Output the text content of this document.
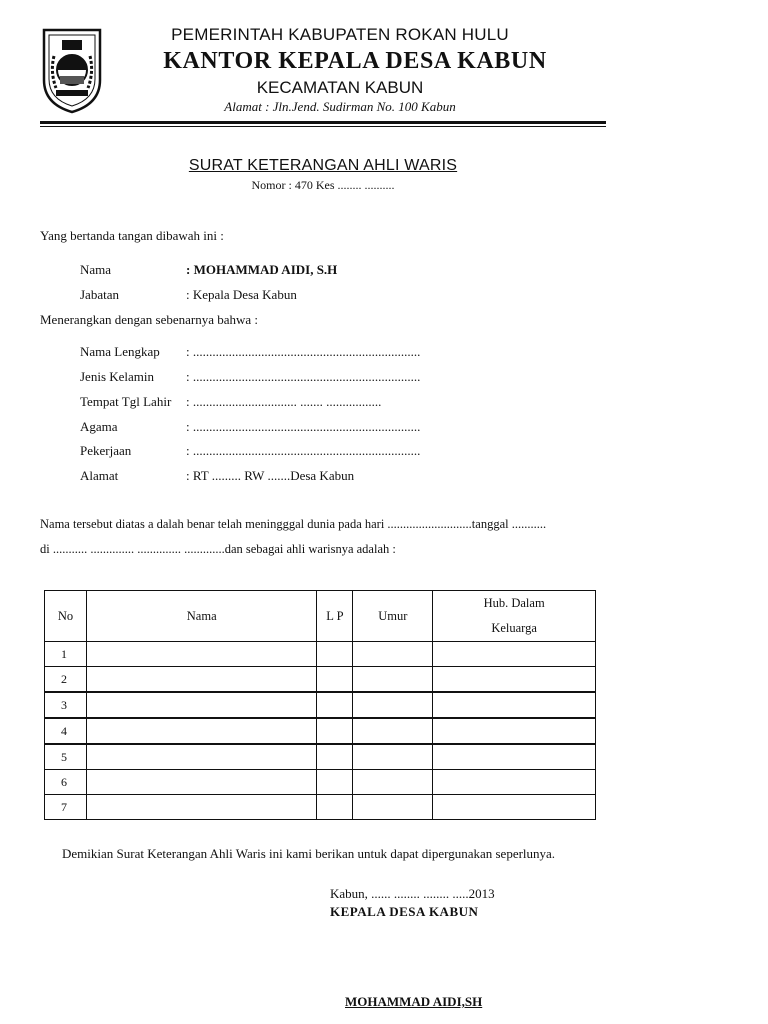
PEMERINTAH KABUPATEN ROKAN HULU
KANTOR KEPALA DESA KABUN
KECAMATAN KABUN
Alamat : Jln.Jend. Sudirman No. 100 Kabun
SURAT KETERANGAN AHLI WARIS
Nomor : 470 Kes ........ ..........
Yang bertanda tangan dibawah ini :
Nama	: MOHAMMAD AIDI, S.H
Jabatan	: Kepala Desa Kabun
Menerangkan dengan sebenarnya bahwa :
Nama Lengkap : ......................................................................
Jenis Kelamin : ......................................................................
Tempat Tgl Lahir : ................................ ....... .................
Agama	: ......................................................................
Pekerjaan	: ......................................................................
Alamat	: RT ......... RW .......Desa Kabun
Nama tersebut diatas a dalah benar telah meningggal dunia pada hari ...........................tanggal ...........
di ........... .............. .............. .............dan sebagai ahli warisnya adalah :
No	Nama	L P	Umur	Hub. Dalam
Keluarga

1				
2				
3				
4				
5				
6				
7				
Demikian Surat Keterangan Ahli Waris ini kami berikan untuk dapat dipergunakan seperlunya.
Kabun, ...... ........ ........ .....2013
KEPALA DESA KABUN
MOHAMMAD AIDI,SH
